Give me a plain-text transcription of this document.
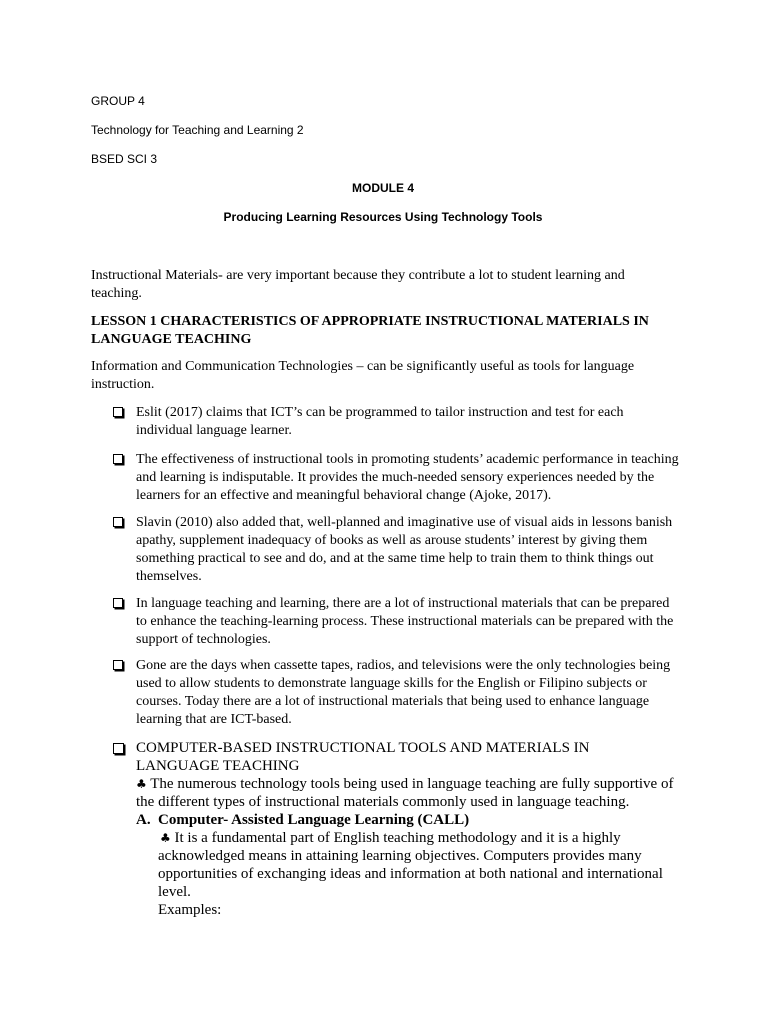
GROUP 4
Technology for Teaching and Learning 2
BSED SCI 3
MODULE 4
Producing Learning Resources Using Technology Tools
Instructional Materials- are very important because they contribute a lot to student learning and teaching.
LESSON 1 CHARACTERISTICS OF APPROPRIATE INSTRUCTIONAL MATERIALS IN LANGUAGE TEACHING
Information and Communication Technologies – can be significantly useful as tools for language instruction.
Eslit (2017) claims that ICT’s can be programmed to tailor instruction and test for each individual language learner.
The effectiveness of instructional tools in promoting students’ academic performance in teaching and learning is indisputable. It provides the much-needed sensory experiences needed by the learners for an effective and meaningful behavioral change (Ajoke, 2017).
Slavin (2010) also added that, well-planned and imaginative use of visual aids in lessons banish apathy, supplement inadequacy of books as well as arouse students’ interest by giving them something practical to see and do, and at the same time help to train them to think things out themselves.
In language teaching and learning, there are a lot of instructional materials that can be prepared to enhance the teaching-learning process. These instructional materials can be prepared with the support of technologies.
Gone are the days when cassette tapes, radios, and televisions were the only technologies being used to allow students to demonstrate language skills for the English or Filipino subjects or courses. Today there are a lot of instructional materials that being used to enhance language learning that are ICT-based.
COMPUTER-BASED INSTRUCTIONAL TOOLS AND MATERIALS IN LANGUAGE TEACHING
♣ The numerous technology tools being used in language teaching are fully supportive of the different types of instructional materials commonly used in language teaching.
A. Computer- Assisted Language Learning (CALL)
♣ It is a fundamental part of English teaching methodology and it is a highly acknowledged means in attaining learning objectives. Computers provides many opportunities of exchanging ideas and information at both national and international level.
Examples:
